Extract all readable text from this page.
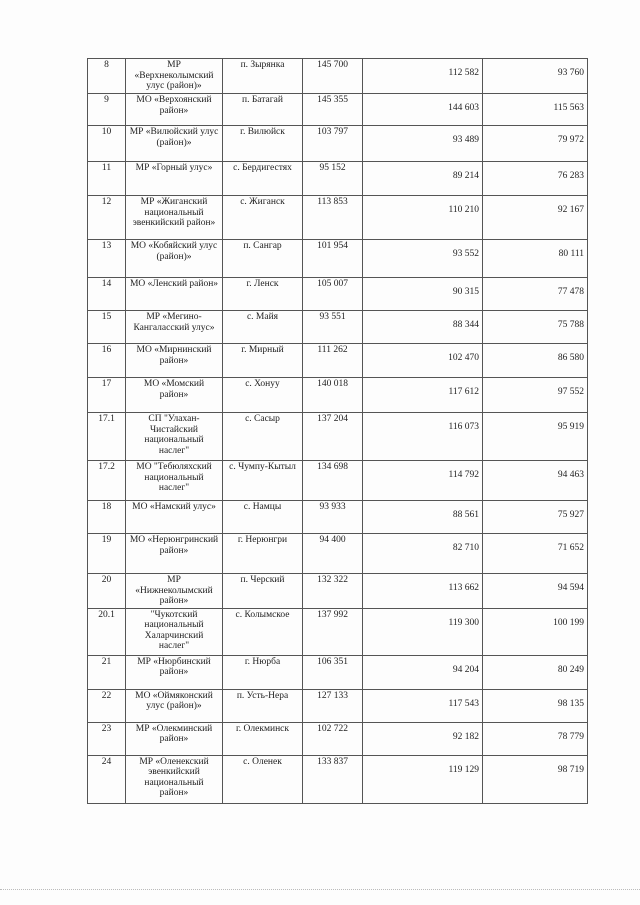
8	МР «Верхнеколымский улус (район)»	п. Зырянка	145 700	112 582	93 760
9	МО «Верхоянский район»	п. Батагай	145 355	144 603	115 563
10	МР «Вилюйский улус (район)»	г. Вилюйск	103 797	93 489	79 972
11	МР «Горный улус»	с. Бердигестях	95 152	89 214	76 283
12	МР «Жиганский национальный эвенкийский район»	с. Жиганск	113 853	110 210	92 167
13	МО «Кобяйский улус (район)»	п. Сангар	101 954	93 552	80 111
14	МО «Ленский район»	г. Ленск	105 007	90 315	77 478
15	МР «Мегино-Кангаласский улус»	с. Майя	93 551	88 344	75 788
16	МО «Мирнинский район»	г. Мирный	111 262	102 470	86 580
17	МО «Момский район»	с. Хонуу	140 018	117 612	97 552
17.1	СП "Улахан-Чистайский национальный наслег"	с. Сасыр	137 204	116 073	95 919
17.2	МО "Тебюляхский национальный наслег"	с. Чумпу-Кытыл	134 698	114 792	94 463
18	МО «Намский улус»	с. Намцы	93 933	88 561	75 927
19	МО «Нерюнгринский район»	г. Нерюнгри	94 400	82 710	71 652
20	МР «Нижнеколымский район»	п. Черский	132 322	113 662	94 594
20.1	"Чукотский национальный Халарчинский наслег"	с. Колымское	137 992	119 300	100 199
21	МР «Нюрбинский район»	г. Нюрба	106 351	94 204	80 249
22	МО «Оймяконский улус (район)»	п. Усть-Нера	127 133	117 543	98 135
23	МР «Олекминский район»	г. Олекминск	102 722	92 182	78 779
24	МР «Оленекский эвенкийский национальный район»	с. Оленек	133 837	119 129	98 719
